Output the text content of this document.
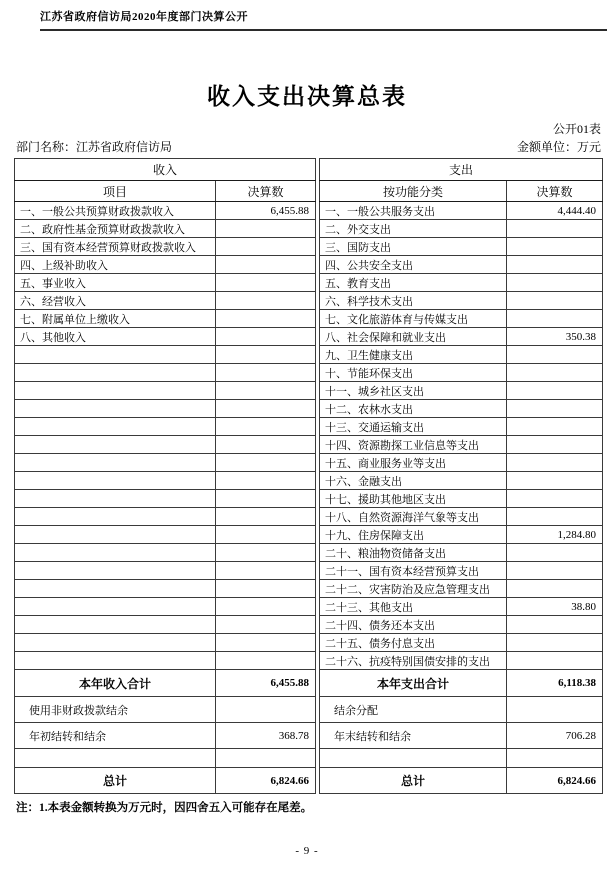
江苏省政府信访局2020年度部门决算公开
收入支出决算总表
公开01表
部门名称：江苏省政府信访局	金额单位：万元
收入	
项目	决算数
一、一般公共预算财政拨款收入	6,455.88
二、政府性基金预算财政拨款收入	
三、国有资本经营预算财政拨款收入	
四、上级补助收入	
五、事业收入	
六、经营收入	
七、附属单位上缴收入	
八、其他收入	

本年收入合计	6,455.88
使用非财政拨款结余	
年初结转和结余	368.78

总计	6,824.66
支出	
按功能分类	决算数
一、一般公共服务支出	4,444.40
二、外交支出	
三、国防支出	
四、公共安全支出	
五、教育支出	
六、科学技术支出	
七、文化旅游体育与传媒支出	
八、社会保障和就业支出	350.38
九、卫生健康支出	
十、节能环保支出	
十一、城乡社区支出	
十二、农林水支出	
十三、交通运输支出	
十四、资源勘探工业信息等支出	
十五、商业服务业等支出	
十六、金融支出	
十七、援助其他地区支出	
十八、自然资源海洋气象等支出	
十九、住房保障支出	1,284.80
二十、粮油物资储备支出	
二十一、国有资本经营预算支出	
二十二、灾害防治及应急管理支出	
二十三、其他支出	38.80
二十四、债务还本支出	
二十五、债务付息支出	
二十六、抗疫特别国债安排的支出	
本年支出合计	6,118.38
结余分配	
年末结转和结余	706.28

总计	6,824.66
注：1.本表金额转换为万元时，因四舍五入可能存在尾差。
- 9 -
